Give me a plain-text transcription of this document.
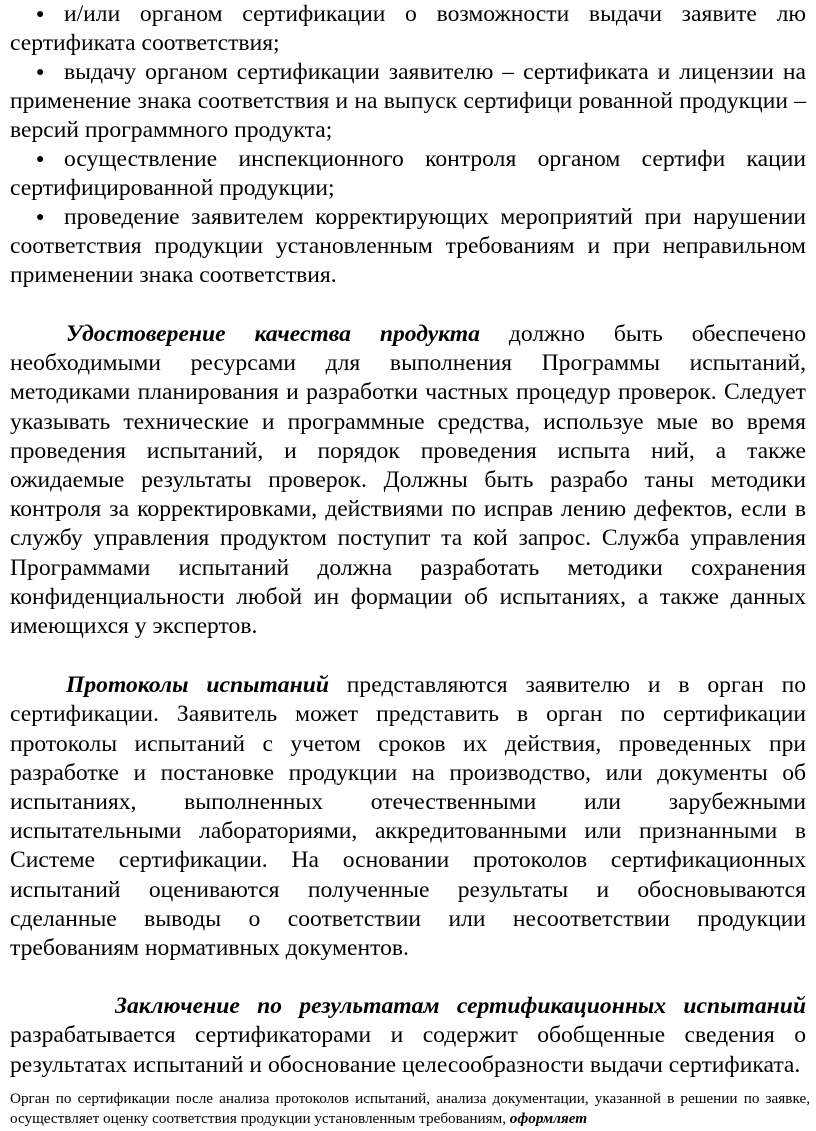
● и/или органом сертификации о возможности выдачи заявите лю сертификата соответствия;
● выдачу органом сертификации заявителю – сертификата и лицензии на применение знака соответствия и на выпуск сертифици рованной продукции – версий программного продукта;
● осуществление инспекционного контроля органом сертифи кации сертифицированной продукции;
● проведение заявителем корректирующих мероприятий при нарушении соответствия продукции установленным требованиям и при неправильном применении знака соответствия.

Удостоверение качества продукта должно быть обеспечено необходимыми ресурсами для выполнения Программы испытаний, методиками планирования и разработки частных процедур проверок. Следует указывать технические и программные средства, используе мые во время проведения испытаний, и порядок проведения испыта ний, а также ожидаемые результаты проверок. Должны быть разрабо таны методики контроля за корректировками, действиями по исправ лению дефектов, если в службу управления продуктом поступит та кой запрос. Служба управления Программами испытаний должна разработать методики сохранения конфиденциальности любой ин формации об испытаниях, а также данных имеющихся у экспертов.

Протоколы испытаний представляются заявителю и в орган по сертификации. Заявитель может представить в орган по сертификации протоколы испытаний с учетом сроков их действия, проведенных при разработке и постановке продукции на производство, или документы об испытаниях, выполненных отечественными или зарубежными испытательными лабораториями, аккредитованными или признанными в Системе сертификации. На основании протоколов сертификационных испытаний оцениваются полученные результаты и обосновываются сделанные выводы о соответствии или несоответствии продукции требованиям нормативных документов.

Заключение по результатам сертификационных испытаний разрабатывается сертификаторами и содержит обобщенные сведения о результатах испытаний и обоснование целесообразности выдачи сертификата.

Орган по сертификации после анализа протоколов испытаний, анализа документации, указанной в решении по заявке, осуществляет оценку соответствия продукции установленным требованиям, оформляет
